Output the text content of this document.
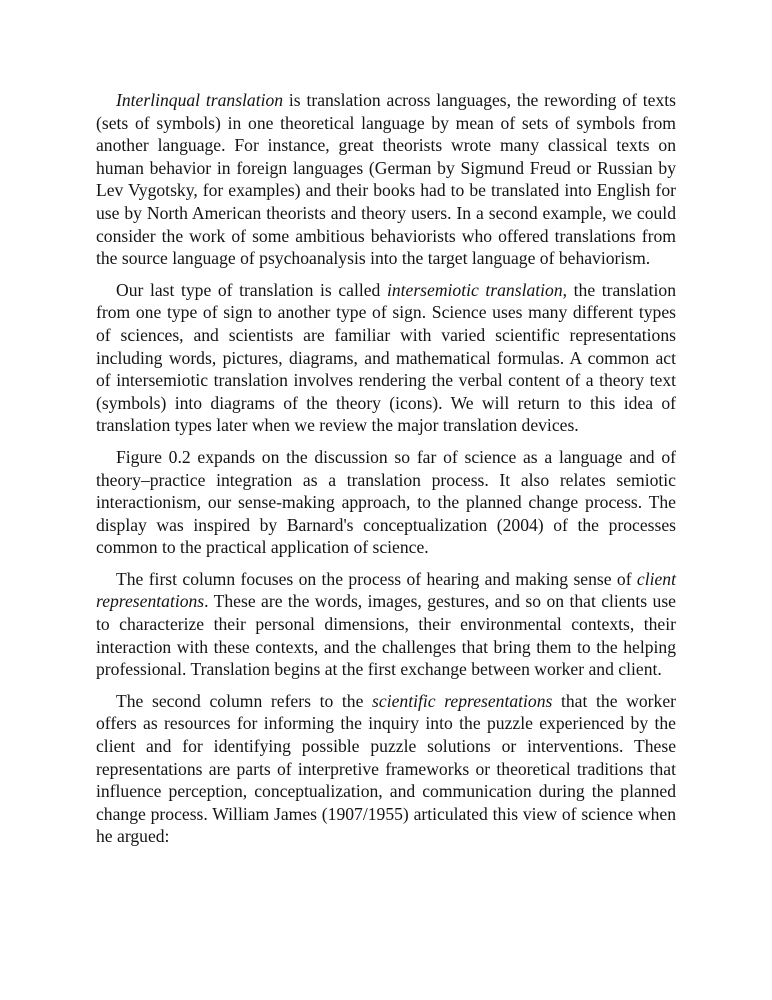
Interlinqual translation is translation across languages, the rewording of texts (sets of symbols) in one theoretical language by mean of sets of symbols from another language. For instance, great theorists wrote many classical texts on human behavior in foreign languages (German by Sigmund Freud or Russian by Lev Vygotsky, for examples) and their books had to be translated into English for use by North American theorists and theory users. In a second example, we could consider the work of some ambitious behaviorists who offered translations from the source language of psychoanalysis into the target language of behaviorism.

Our last type of translation is called intersemiotic translation, the translation from one type of sign to another type of sign. Science uses many different types of sciences, and scientists are familiar with varied scientific representations including words, pictures, diagrams, and mathematical formulas. A common act of intersemiotic translation involves rendering the verbal content of a theory text (symbols) into diagrams of the theory (icons). We will return to this idea of translation types later when we review the major translation devices.

Figure 0.2 expands on the discussion so far of science as a language and of theory–practice integration as a translation process. It also relates semiotic interactionism, our sense-making approach, to the planned change process. The display was inspired by Barnard's conceptualization (2004) of the processes common to the practical application of science.

The first column focuses on the process of hearing and making sense of client representations. These are the words, images, gestures, and so on that clients use to characterize their personal dimensions, their environmental contexts, their interaction with these contexts, and the challenges that bring them to the helping professional. Translation begins at the first exchange between worker and client.

The second column refers to the scientific representations that the worker offers as resources for informing the inquiry into the puzzle experienced by the client and for identifying possible puzzle solutions or interventions. These representations are parts of interpretive frameworks or theoretical traditions that influence perception, conceptualization, and communication during the planned change process. William James (1907/1955) articulated this view of science when he argued:
